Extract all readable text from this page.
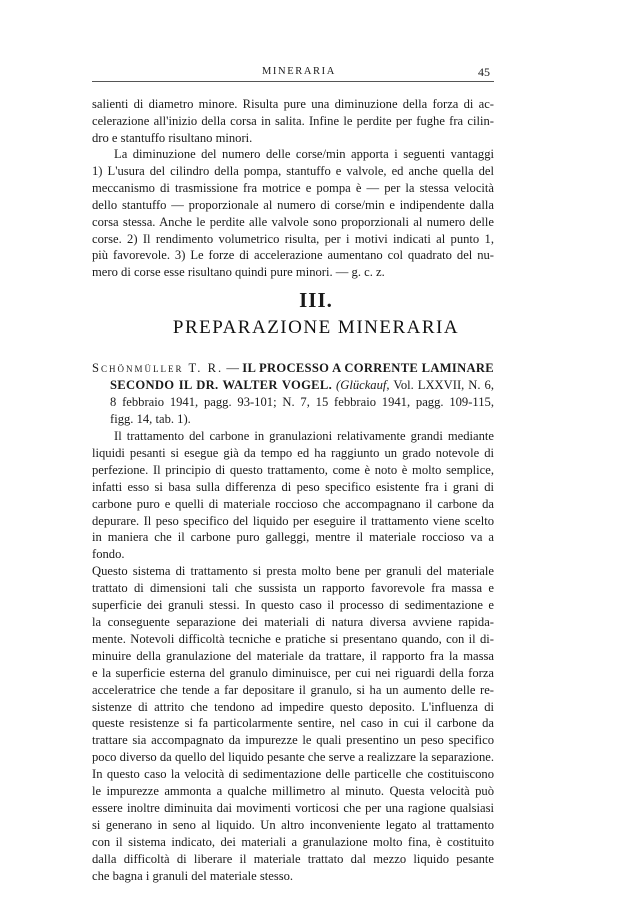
MINERARIA	45

salienti di diametro minore. Risulta pure una diminuzione della forza di ac-

celerazione all'inizio della corsa in salita. Infine le perdite per fughe fra cilin-

dro e stantuffo risultano minori.

La diminuzione del numero delle corse/min apporta i seguenti vantaggi

1) L'usura del cilindro della pompa, stantuffo e valvole, ed anche quella del

meccanismo di trasmissione fra motrice e pompa è — per la stessa velocità

dello stantuffo — proporzionale al numero di corse/min e indipendente dalla

corsa stessa. Anche le perdite alle valvole sono proporzionali al numero delle

corse. 2) Il rendimento volumetrico risulta, per i motivi indicati al punto 1,

più favorevole. 3) Le forze di accelerazione aumentano col quadrato del nu-

mero di corse esse risultano quindi pure minori. — g. c. z.

III.
PREPARAZIONE MINERARIA

Schönmüller T. R. — IL PROCESSO A CORRENTE LAMINARE

SECONDO IL DR. WALTER VOGEL. (Glückauf, Vol. LXXVII, N. 6,

8 febbraio 1941, pagg. 93-101; N. 7, 15 febbraio 1941, pagg. 109-115,

figg. 14, tab. 1).

Il trattamento del carbone in granulazioni relativamente grandi mediante

liquidi pesanti si esegue già da tempo ed ha raggiunto un grado notevole di

perfezione. Il principio di questo trattamento, come è noto è molto semplice,

infatti esso si basa sulla differenza di peso specifico esistente fra i grani di

carbone puro e quelli di materiale roccioso che accompagnano il carbone da

depurare. Il peso specifico del liquido per eseguire il trattamento viene scelto

in maniera che il carbone puro galleggi, mentre il materiale roccioso va a fondo.

Questo sistema di trattamento si presta molto bene per granuli del materiale

trattato di dimensioni tali che sussista un rapporto favorevole fra massa e

superficie dei granuli stessi. In questo caso il processo di sedimentazione e

la conseguente separazione dei materiali di natura diversa avviene rapida-

mente. Notevoli difficoltà tecniche e pratiche si presentano quando, con il di-

minuire della granulazione del materiale da trattare, il rapporto fra la massa

e la superficie esterna del granulo diminuisce, per cui nei riguardi della forza

acceleratrice che tende a far depositare il granulo, si ha un aumento delle re-

sistenze di attrito che tendono ad impedire questo deposito. L'influenza di

queste resistenze si fa particolarmente sentire, nel caso in cui il carbone da

trattare sia accompagnato da impurezze le quali presentino un peso specifico

poco diverso da quello del liquido pesante che serve a realizzare la separazione.

In questo caso la velocità di sedimentazione delle particelle che costituiscono

le impurezze ammonta a qualche millimetro al minuto. Questa velocità può

essere inoltre diminuita dai movimenti vorticosi che per una ragione qualsiasi

si generano in seno al liquido. Un altro inconveniente legato al trattamento

con il sistema indicato, dei materiali a granulazione molto fina, è costituito

dalla difficoltà di liberare il materiale trattato dal mezzo liquido pesante

che bagna i granuli del materiale stesso.
